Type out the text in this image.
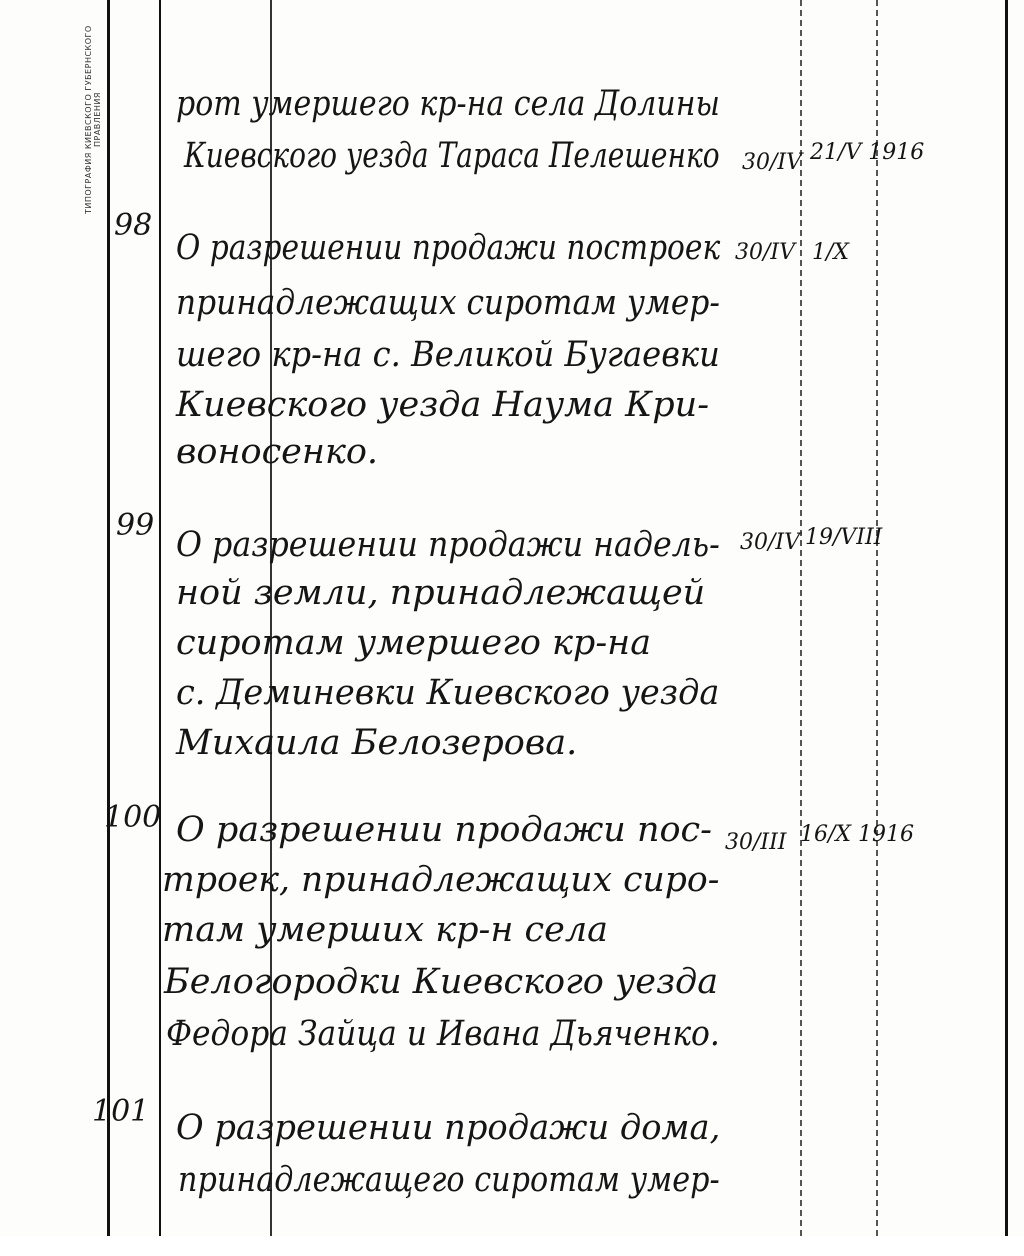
ТИПОГРАФИЯ КИЕВСКОГО ГУБЕРНСКОГО ПРАВЛЕНИЯ рот умершего кр-на села Долины
Киевского уезда Тараса Пелешенко 30/IV 21/V 1916
98
О разрешении продажи построек
принадлежащих сиротам умер-
шего кр-на с. Великой Бугаевки
Киевского уезда Наума Кри-
воносенко.
30/IV 1/X
99 О разрешении продажи надель-
ной земли, принадлежащей
сиротам умершего кр-на
с. Деминевки Киевского уезда
Михаила Белозерова.
30/IV 19/VIII
100 О разрешении продажи пос-
троек, принадлежащих сиро-
там умерших кр-н села
Белогородки Киевского уезда
Федора Зайца и Ивана Дьяченко.
30/III 16/X 1916
101 О разрешении продажи дома,
принадлежащего сиротам умер-
